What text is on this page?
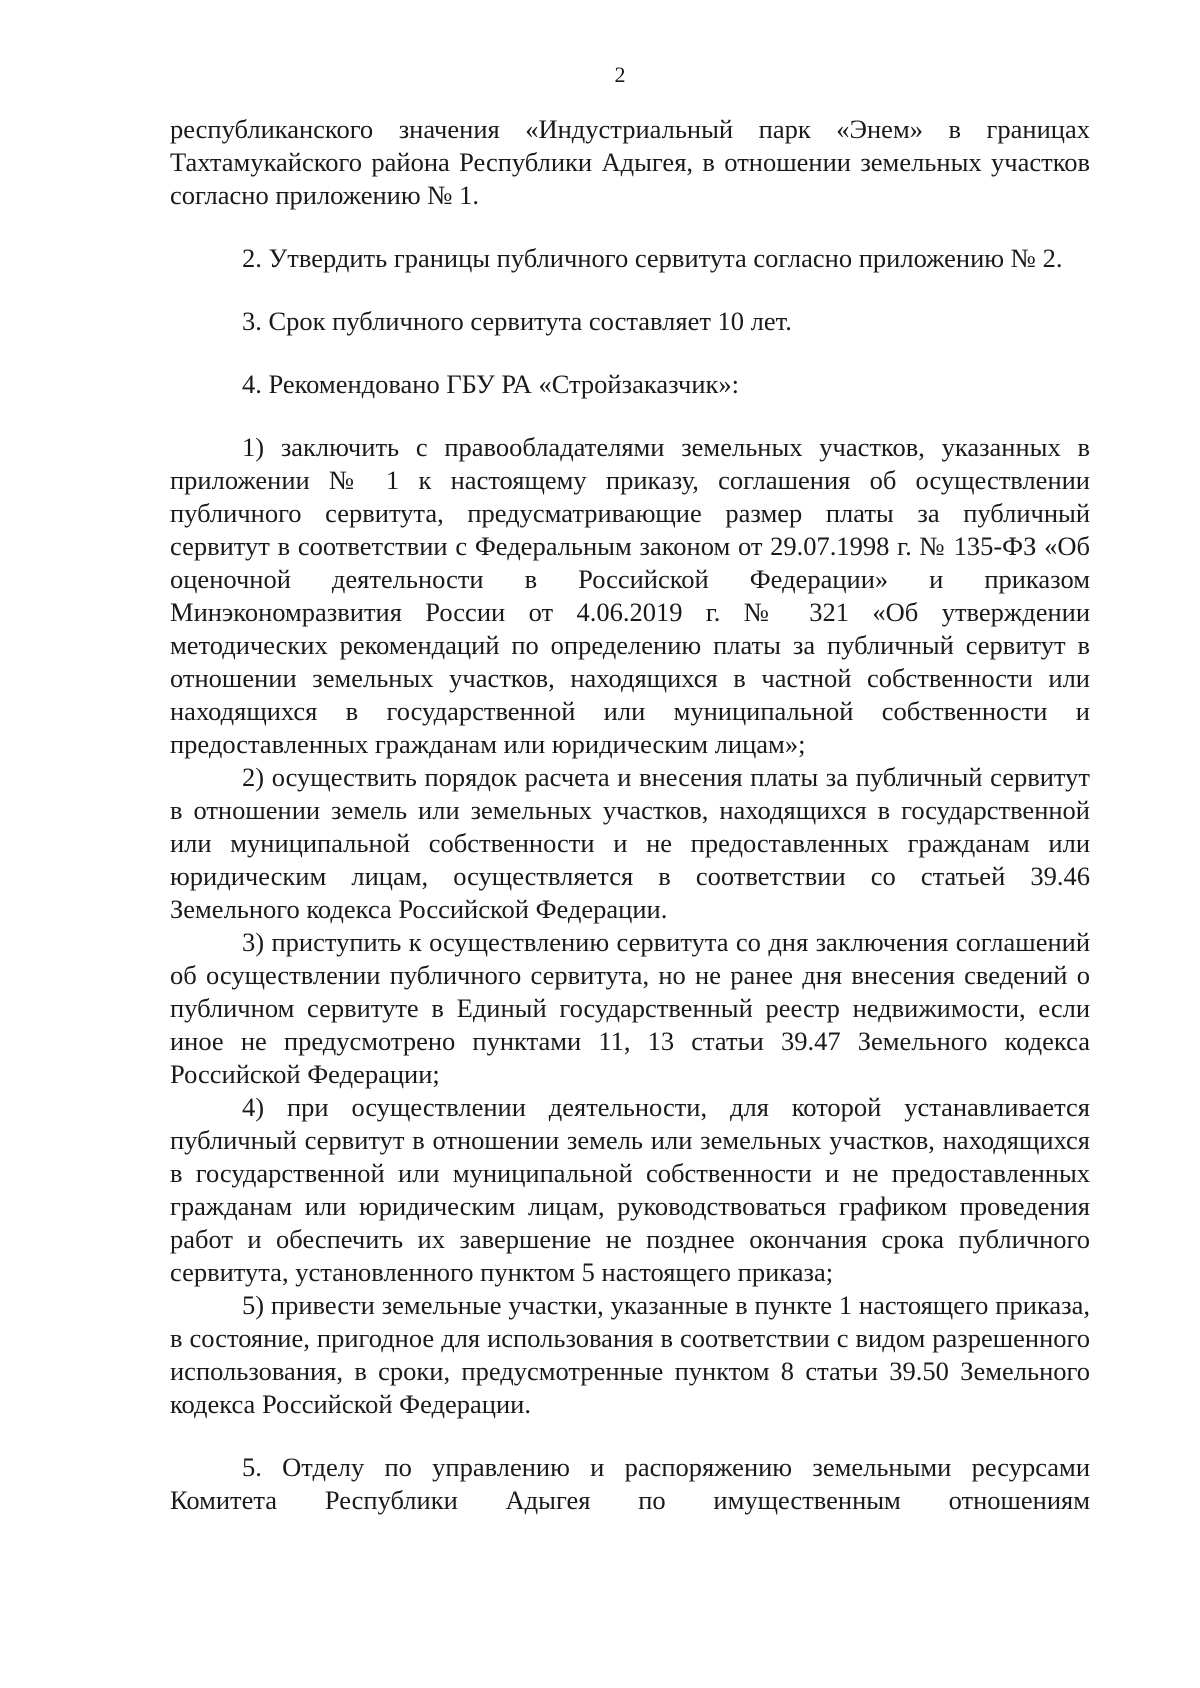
2

республиканского значения «Индустриальный парк «Энем» в границах Тахтамукайского района Республики Адыгея, в отношении земельных участков согласно приложению № 1.

2. Утвердить границы публичного сервитута согласно приложению № 2.

3. Срок публичного сервитута составляет 10 лет.

4. Рекомендовано ГБУ РА «Стройзаказчик»:

1) заключить с правообладателями земельных участков, указанных в приложении № 1 к настоящему приказу, соглашения об осуществлении публичного сервитута, предусматривающие размер платы за публичный сервитут в соответствии с Федеральным законом от 29.07.1998 г. № 135-ФЗ «Об оценочной деятельности в Российской Федерации» и приказом Минэкономразвития России от 4.06.2019 г. № 321 «Об утверждении методических рекомендаций по определению платы за публичный сервитут в отношении земельных участков, находящихся в частной собственности или находящихся в государственной или муниципальной собственности и предоставленных гражданам или юридическим лицам»;

2) осуществить порядок расчета и внесения платы за публичный сервитут в отношении земель или земельных участков, находящихся в государственной или муниципальной собственности и не предоставленных гражданам или юридическим лицам, осуществляется в соответствии со статьей 39.46 Земельного кодекса Российской Федерации.

3) приступить к осуществлению сервитута со дня заключения соглашений об осуществлении публичного сервитута, но не ранее дня внесения сведений о публичном сервитуте в Единый государственный реестр недвижимости, если иное не предусмотрено пунктами 11, 13 статьи 39.47 Земельного кодекса Российской Федерации;

4) при осуществлении деятельности, для которой устанавливается публичный сервитут в отношении земель или земельных участков, находящихся в государственной или муниципальной собственности и не предоставленных гражданам или юридическим лицам, руководствоваться графиком проведения работ и обеспечить их завершение не позднее окончания срока публичного сервитута, установленного пунктом 5 настоящего приказа;

5) привести земельные участки, указанные в пункте 1 настоящего приказа, в состояние, пригодное для использования в соответствии с видом разрешенного использования, в сроки, предусмотренные пунктом 8 статьи 39.50 Земельного кодекса Российской Федерации.

5. Отделу по управлению и распоряжению земельными ресурсами Комитета Республики Адыгея по имущественным отношениям
